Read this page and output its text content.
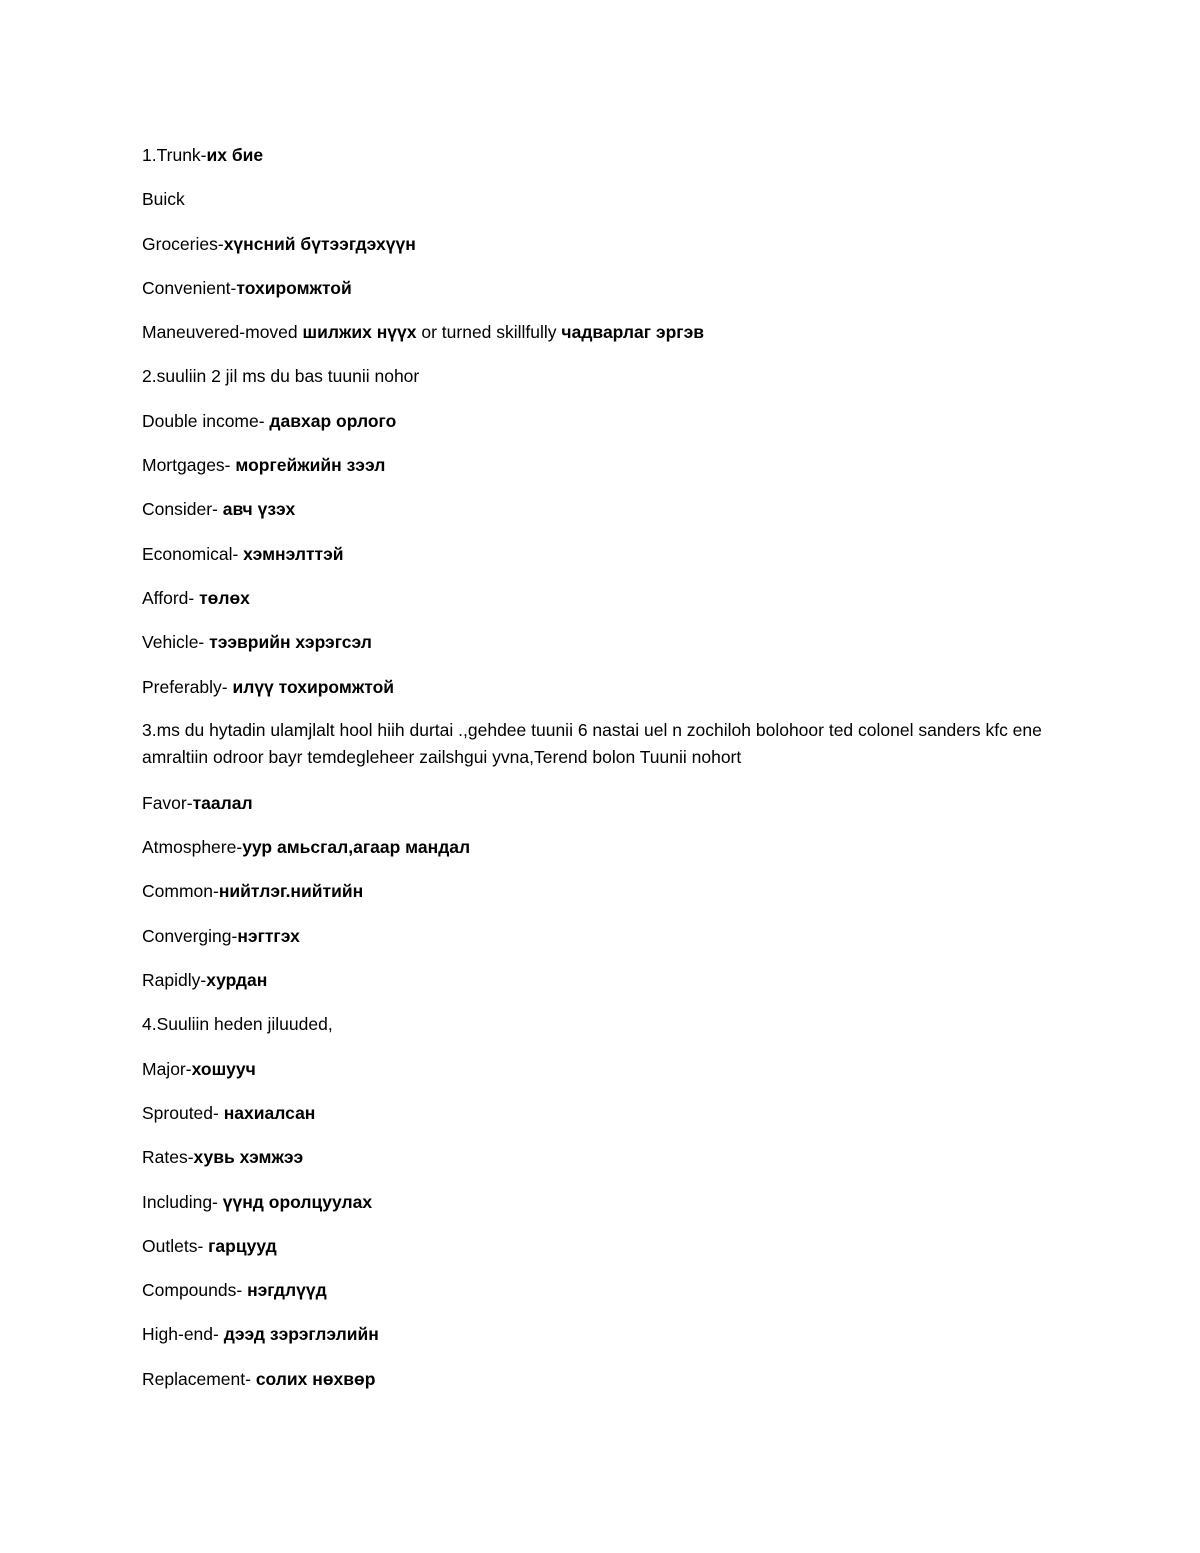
1.Trunk-их бие
Buick
Groceries-хүнсний бүтээгдэхүүн
Convenient-тохиромжтой
Maneuvered-moved шилжих нүүх or turned skillfully чадварлаг эргэв
2.suuliin 2 jil ms du bas tuunii nohor
Double income- давхар орлого
Mortgages- моргейжийн зээл
Consider- авч үзэх
Economical- хэмнэлттэй
Afford- төлөх
Vehicle- тээврийн хэрэгсэл
Preferably- илүү тохиромжтой
3.ms du hytadin ulamjlalt hool hiih durtai .,gehdee tuunii 6 nastai uel n zochiloh bolohoor ted colonel sanders kfc ene amraltiin odroor bayr temdegleheer zailshgui yvna,Terend bolon Tuunii nohort
Favor-таалал
Atmosphere-уур амьсгал,агаар мандал
Common-нийтлэг.нийтийн
Converging-нэгтгэх
Rapidly-хурдан
4.Suuliin heden jiluuded,
Major-хошууч
Sprouted- нахиалсан
Rates-хувь хэмжээ
Including- үүнд оролцуулах
Outlets- гарцууд
Compounds- нэгдлүүд
High-end- дээд зэрэглэлийн
Replacement- солих нөхвөр
